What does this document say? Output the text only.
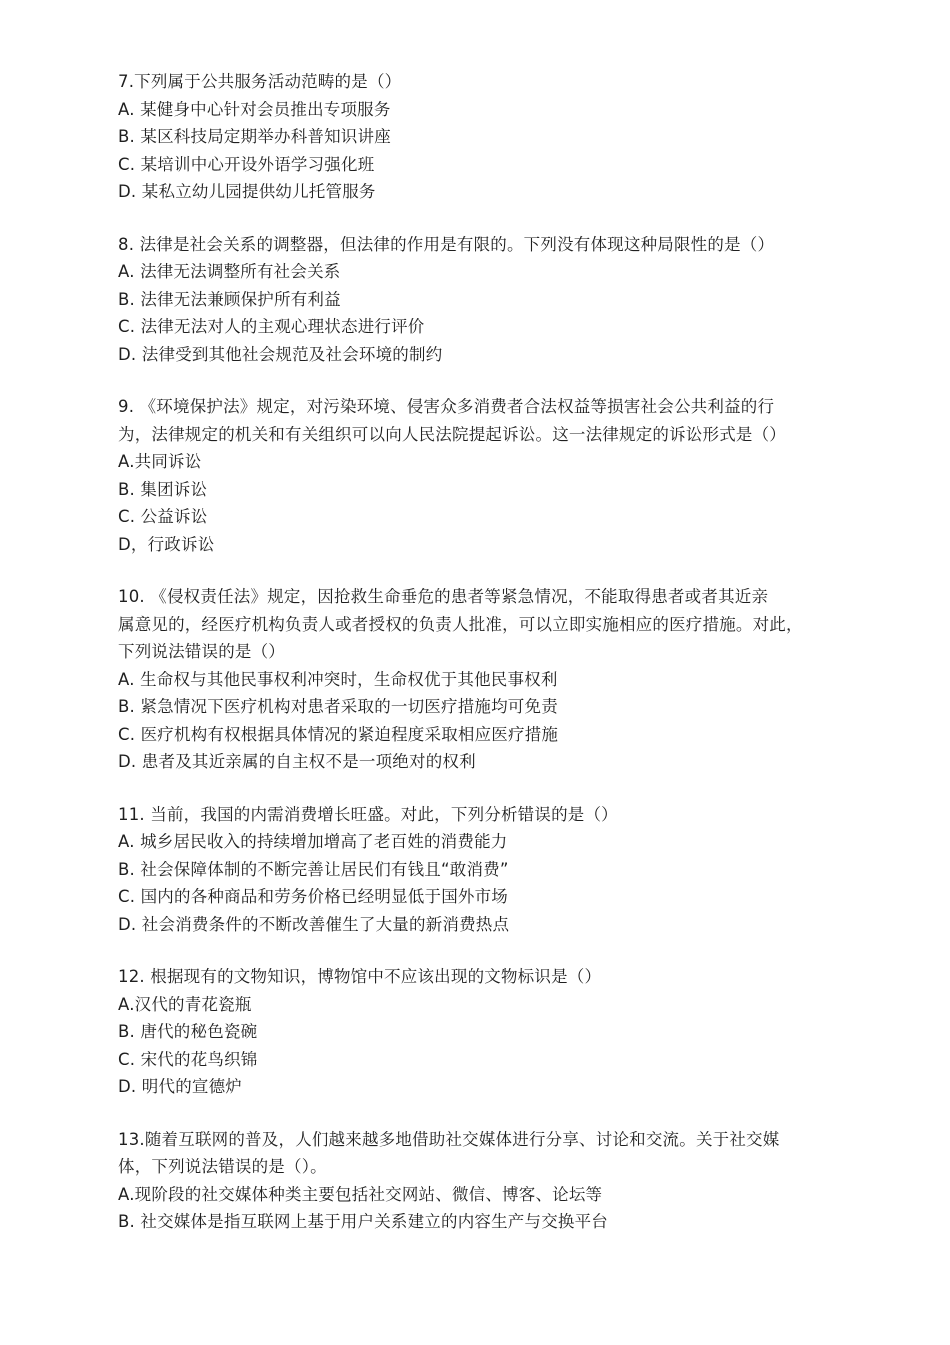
7.下列属于公共服务活动范畴的是（）
A. 某健身中心针对会员推出专项服务
B. 某区科技局定期举办科普知识讲座
C. 某培训中心开设外语学习强化班
D. 某私立幼儿园提供幼儿托管服务
8. 法律是社会关系的调整器，但法律的作用是有限的。下列没有体现这种局限性的是（）
A. 法律无法调整所有社会关系
B. 法律无法兼顾保护所有利益
C. 法律无法对人的主观心理状态进行评价
D. 法律受到其他社会规范及社会环境的制约
9. 《环境保护法》规定，对污染环境、侵害众多消费者合法权益等损害社会公共利益的行
为，法律规定的机关和有关组织可以向人民法院提起诉讼。这一法律规定的诉讼形式是（）
A.共同诉讼
B. 集团诉讼
C. 公益诉讼
D，行政诉讼
10. 《侵权责任法》规定，因抢救生命垂危的患者等紧急情况，不能取得患者或者其近亲
属意见的，经医疗机构负责人或者授权的负责人批准，可以立即实施相应的医疗措施。对此，
下列说法错误的是（）
A. 生命权与其他民事权利冲突时，生命权优于其他民事权利
B. 紧急情况下医疗机构对患者采取的一切医疗措施均可免责
C. 医疗机构有权根据具体情况的紧迫程度采取相应医疗措施
D. 患者及其近亲属的自主权不是一项绝对的权利
11. 当前，我国的内需消费增长旺盛。对此，下列分析错误的是（）
A. 城乡居民收入的持续增加增高了老百姓的消费能力
B. 社会保障体制的不断完善让居民们有钱且“敢消费”
C. 国内的各种商品和劳务价格已经明显低于国外市场
D. 社会消费条件的不断改善催生了大量的新消费热点
12. 根据现有的文物知识，博物馆中不应该出现的文物标识是（）
A.汉代的青花瓷瓶
B. 唐代的秘色瓷碗
C. 宋代的花鸟织锦
D. 明代的宣德炉
13.随着互联网的普及，人们越来越多地借助社交媒体进行分享、讨论和交流。关于社交媒
体，下列说法错误的是（）。
A.现阶段的社交媒体种类主要包括社交网站、微信、博客、论坛等
B. 社交媒体是指互联网上基于用户关系建立的内容生产与交换平台
